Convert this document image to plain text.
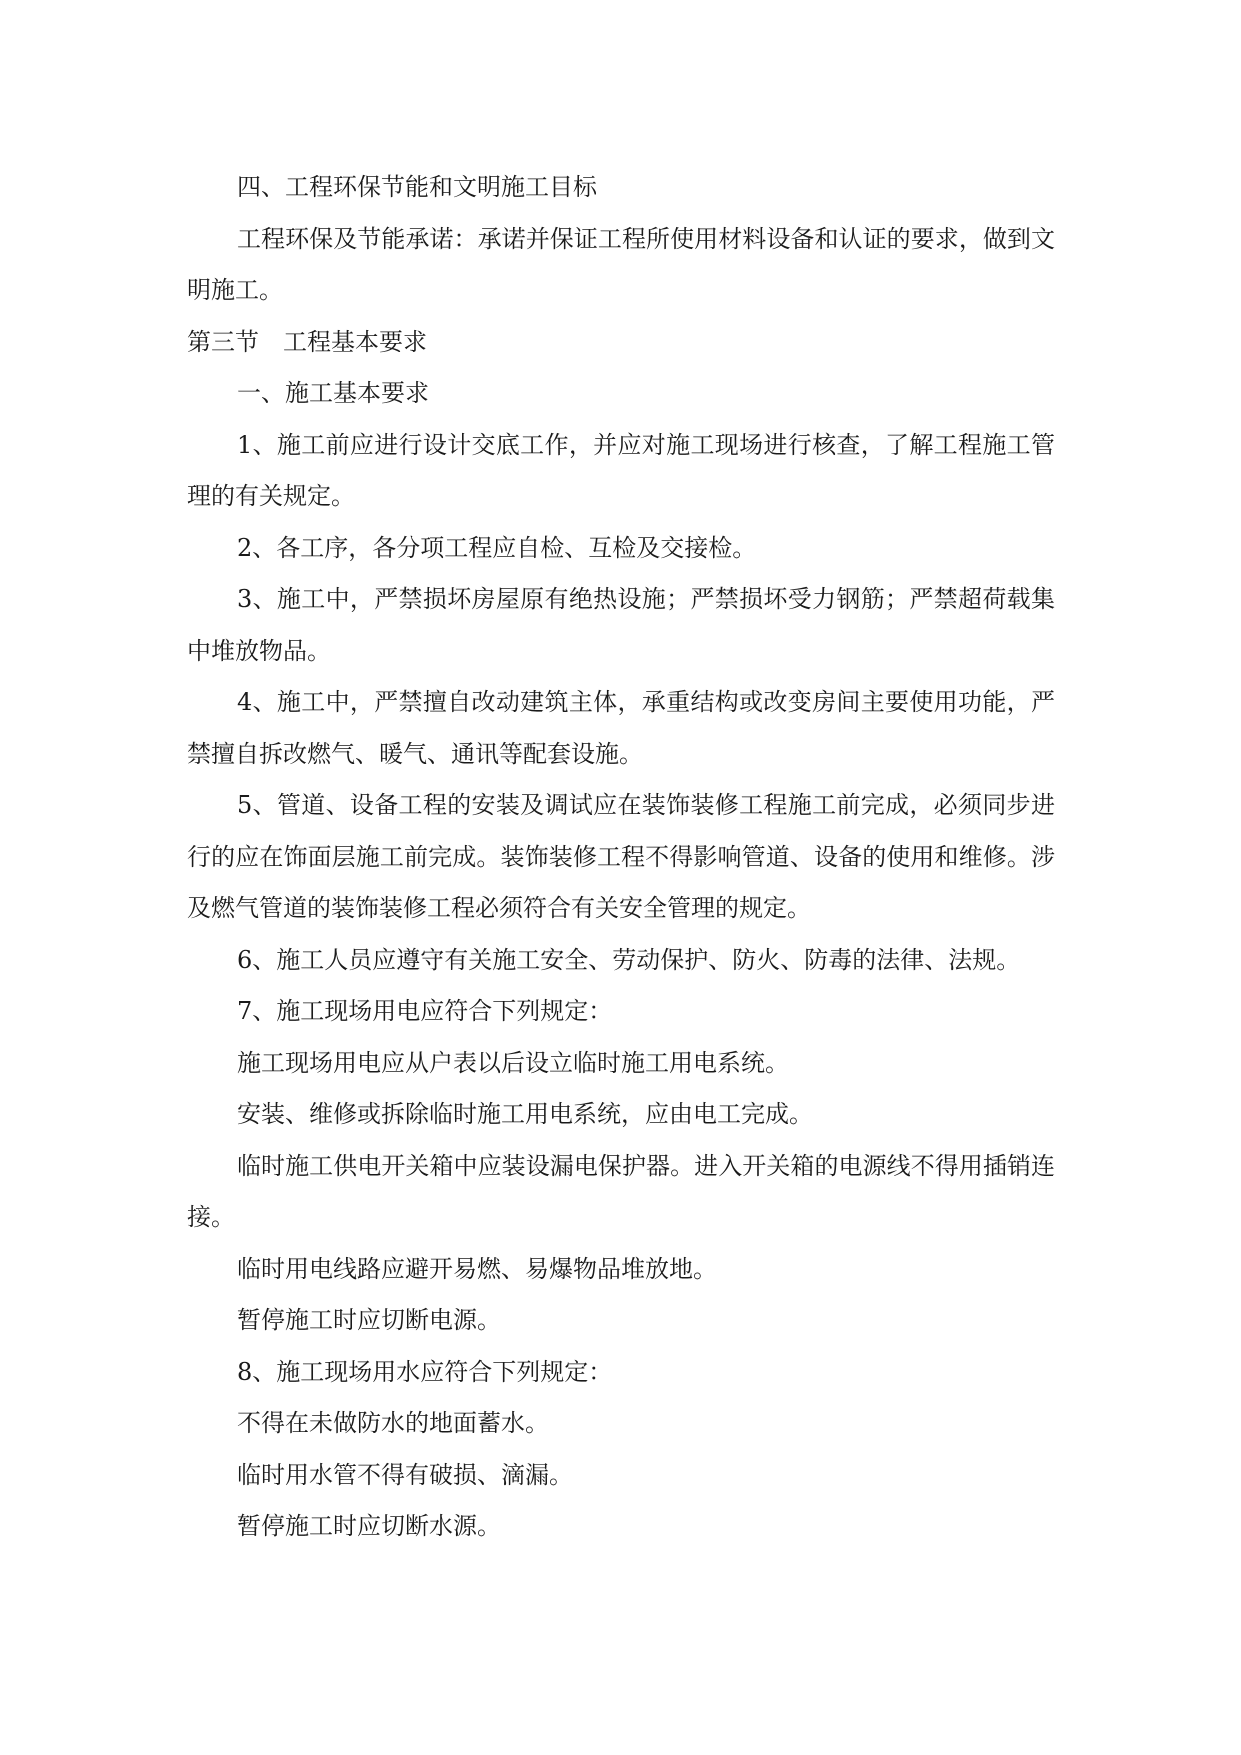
四、工程环保节能和文明施工目标

工程环保及节能承诺：承诺并保证工程所使用材料设备和认证的要求，做到文明施工。

第三节　工程基本要求

一、施工基本要求

1、施工前应进行设计交底工作，并应对施工现场进行核查，了解工程施工管理的有关规定。

2、各工序，各分项工程应自检、互检及交接检。

3、施工中，严禁损坏房屋原有绝热设施；严禁损坏受力钢筋；严禁超荷载集中堆放物品。

4、施工中，严禁擅自改动建筑主体，承重结构或改变房间主要使用功能，严禁擅自拆改燃气、暖气、通讯等配套设施。

5、管道、设备工程的安装及调试应在装饰装修工程施工前完成，必须同步进行的应在饰面层施工前完成。装饰装修工程不得影响管道、设备的使用和维修。涉及燃气管道的装饰装修工程必须符合有关安全管理的规定。

6、施工人员应遵守有关施工安全、劳动保护、防火、防毒的法律、法规。

7、施工现场用电应符合下列规定：

施工现场用电应从户表以后设立临时施工用电系统。

安装、维修或拆除临时施工用电系统，应由电工完成。

临时施工供电开关箱中应装设漏电保护器。进入开关箱的电源线不得用插销连接。

临时用电线路应避开易燃、易爆物品堆放地。

暂停施工时应切断电源。

8、施工现场用水应符合下列规定：

不得在未做防水的地面蓄水。

临时用水管不得有破损、滴漏。

暂停施工时应切断水源。
